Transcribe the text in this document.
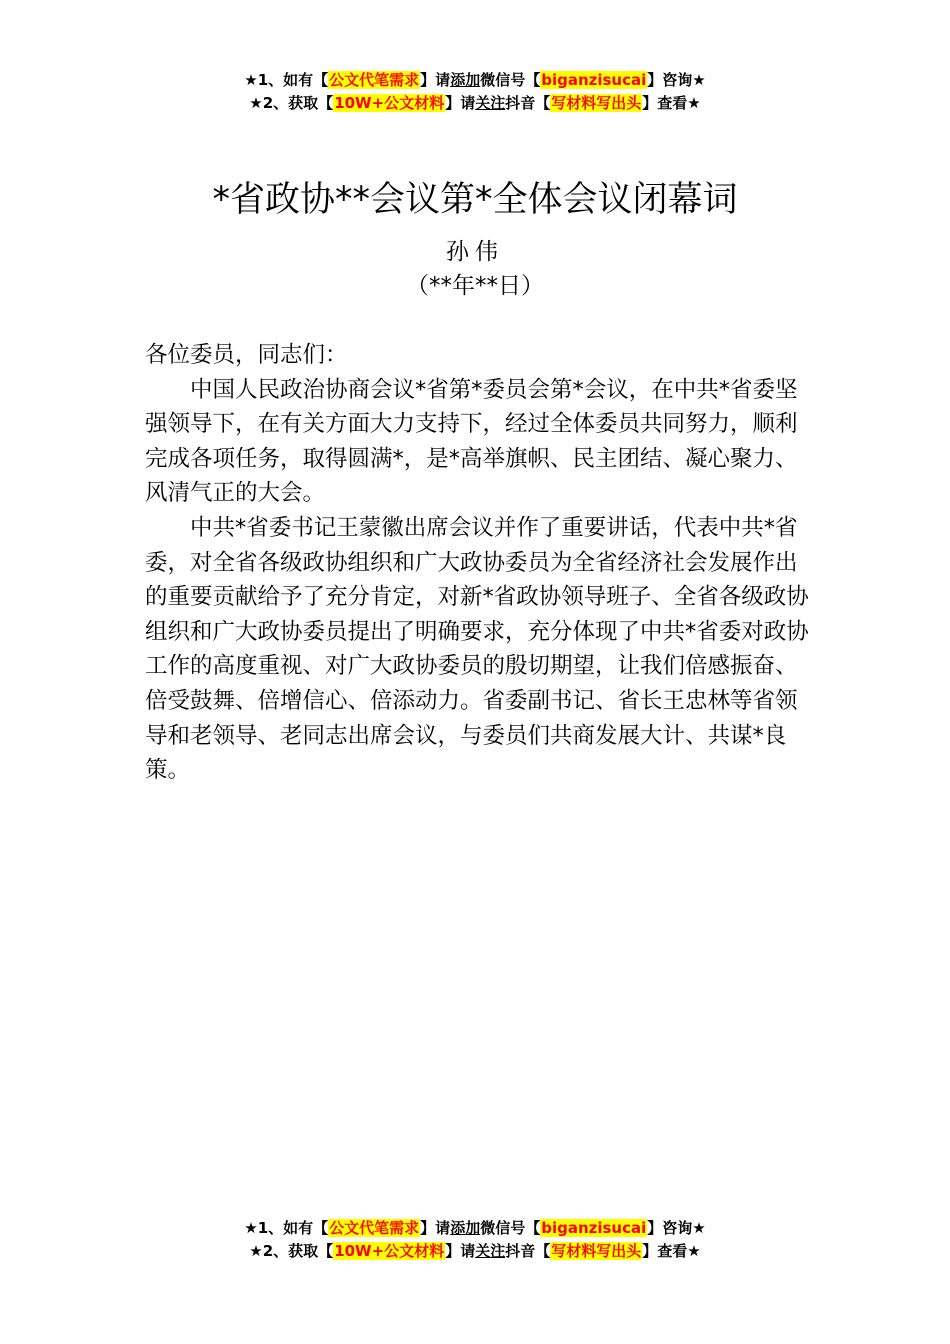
★1、如有【公文代笔需求】请添加微信号【biganzisucai】咨询★
★2、获取【10W+公文材料】请关注抖音【写材料写出头】查看★
*省政协**会议第*全体会议闭幕词
孙伟
（**年**日）

各位委员，同志们：

中国人民政治协商会议*省第*委员会第*会议，在中共*省委坚强领导下，在有关方面大力支持下，经过全体委员共同努力，顺利完成各项任务，取得圆满*，是*高举旗帜、民主团结、凝心聚力、风清气正的大会。

中共*省委书记王蒙徽出席会议并作了重要讲话，代表中共*省委，对全省各级政协组织和广大政协委员为全省经济社会发展作出的重要贡献给予了充分肯定，对新*省政协领导班子、全省各级政协组织和广大政协委员提出了明确要求，充分体现了中共*省委对政协工作的高度重视、对广大政协委员的殷切期望，让我们倍感振奋、倍受鼓舞、倍增信心、倍添动力。省委副书记、省长王忠林等省领导和老领导、老同志出席会议，与委员们共商发展大计、共谋*良策。

★1、如有【公文代笔需求】请添加微信号【biganzisucai】咨询★
★2、获取【10W+公文材料】请关注抖音【写材料写出头】查看★
